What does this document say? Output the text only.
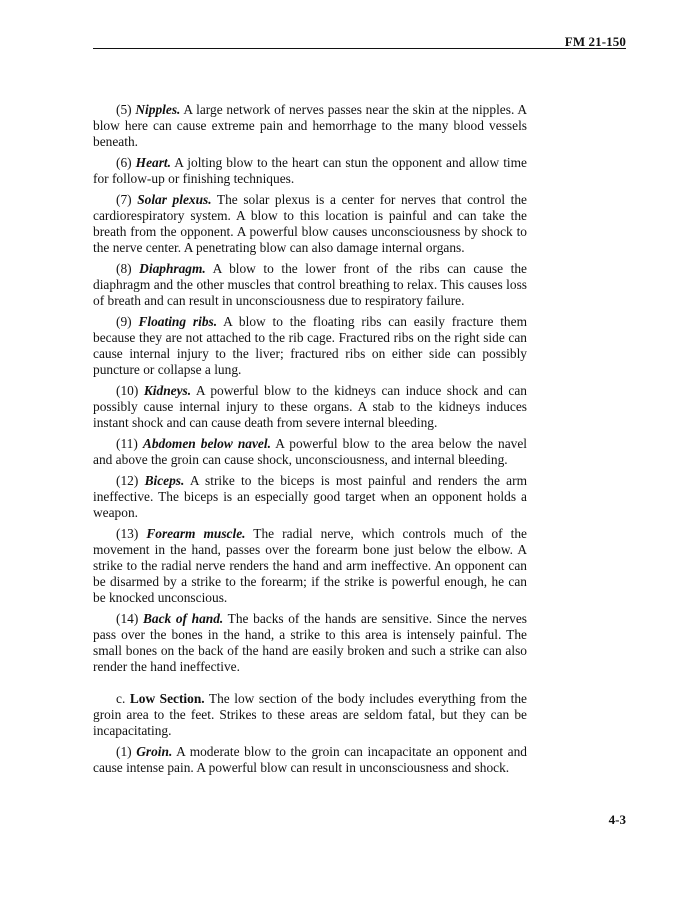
FM 21-150

(5) Nipples. A large network of nerves passes near the skin at the nipples. A blow here can cause extreme pain and hemorrhage to the many blood vessels beneath.

(6) Heart. A jolting blow to the heart can stun the opponent and allow time for follow-up or finishing techniques.

(7) Solar plexus. The solar plexus is a center for nerves that control the cardiorespiratory system. A blow to this location is painful and can take the breath from the opponent. A powerful blow causes unconsciousness by shock to the nerve center. A penetrating blow can also damage internal organs.

(8) Diaphragm. A blow to the lower front of the ribs can cause the diaphragm and the other muscles that control breathing to relax. This causes loss of breath and can result in unconsciousness due to respiratory failure.

(9) Floating ribs. A blow to the floating ribs can easily fracture them because they are not attached to the rib cage. Fractured ribs on the right side can cause internal injury to the liver; fractured ribs on either side can possibly puncture or collapse a lung.

(10) Kidneys. A powerful blow to the kidneys can induce shock and can possibly cause internal injury to these organs. A stab to the kidneys induces instant shock and can cause death from severe internal bleeding.

(11) Abdomen below navel. A powerful blow to the area below the navel and above the groin can cause shock, unconsciousness, and internal bleeding.

(12) Biceps. A strike to the biceps is most painful and renders the arm ineffective. The biceps is an especially good target when an opponent holds a weapon.

(13) Forearm muscle. The radial nerve, which controls much of the movement in the hand, passes over the forearm bone just below the elbow. A strike to the radial nerve renders the hand and arm ineffective. An opponent can be disarmed by a strike to the forearm; if the strike is powerful enough, he can be knocked unconscious.

(14) Back of hand. The backs of the hands are sensitive. Since the nerves pass over the bones in the hand, a strike to this area is intensely painful. The small bones on the back of the hand are easily broken and such a strike can also render the hand ineffective.

c. Low Section. The low section of the body includes everything from the groin area to the feet. Strikes to these areas are seldom fatal, but they can be incapacitating.

(1) Groin. A moderate blow to the groin can incapacitate an opponent and cause intense pain. A powerful blow can result in unconsciousness and shock.

4-3
